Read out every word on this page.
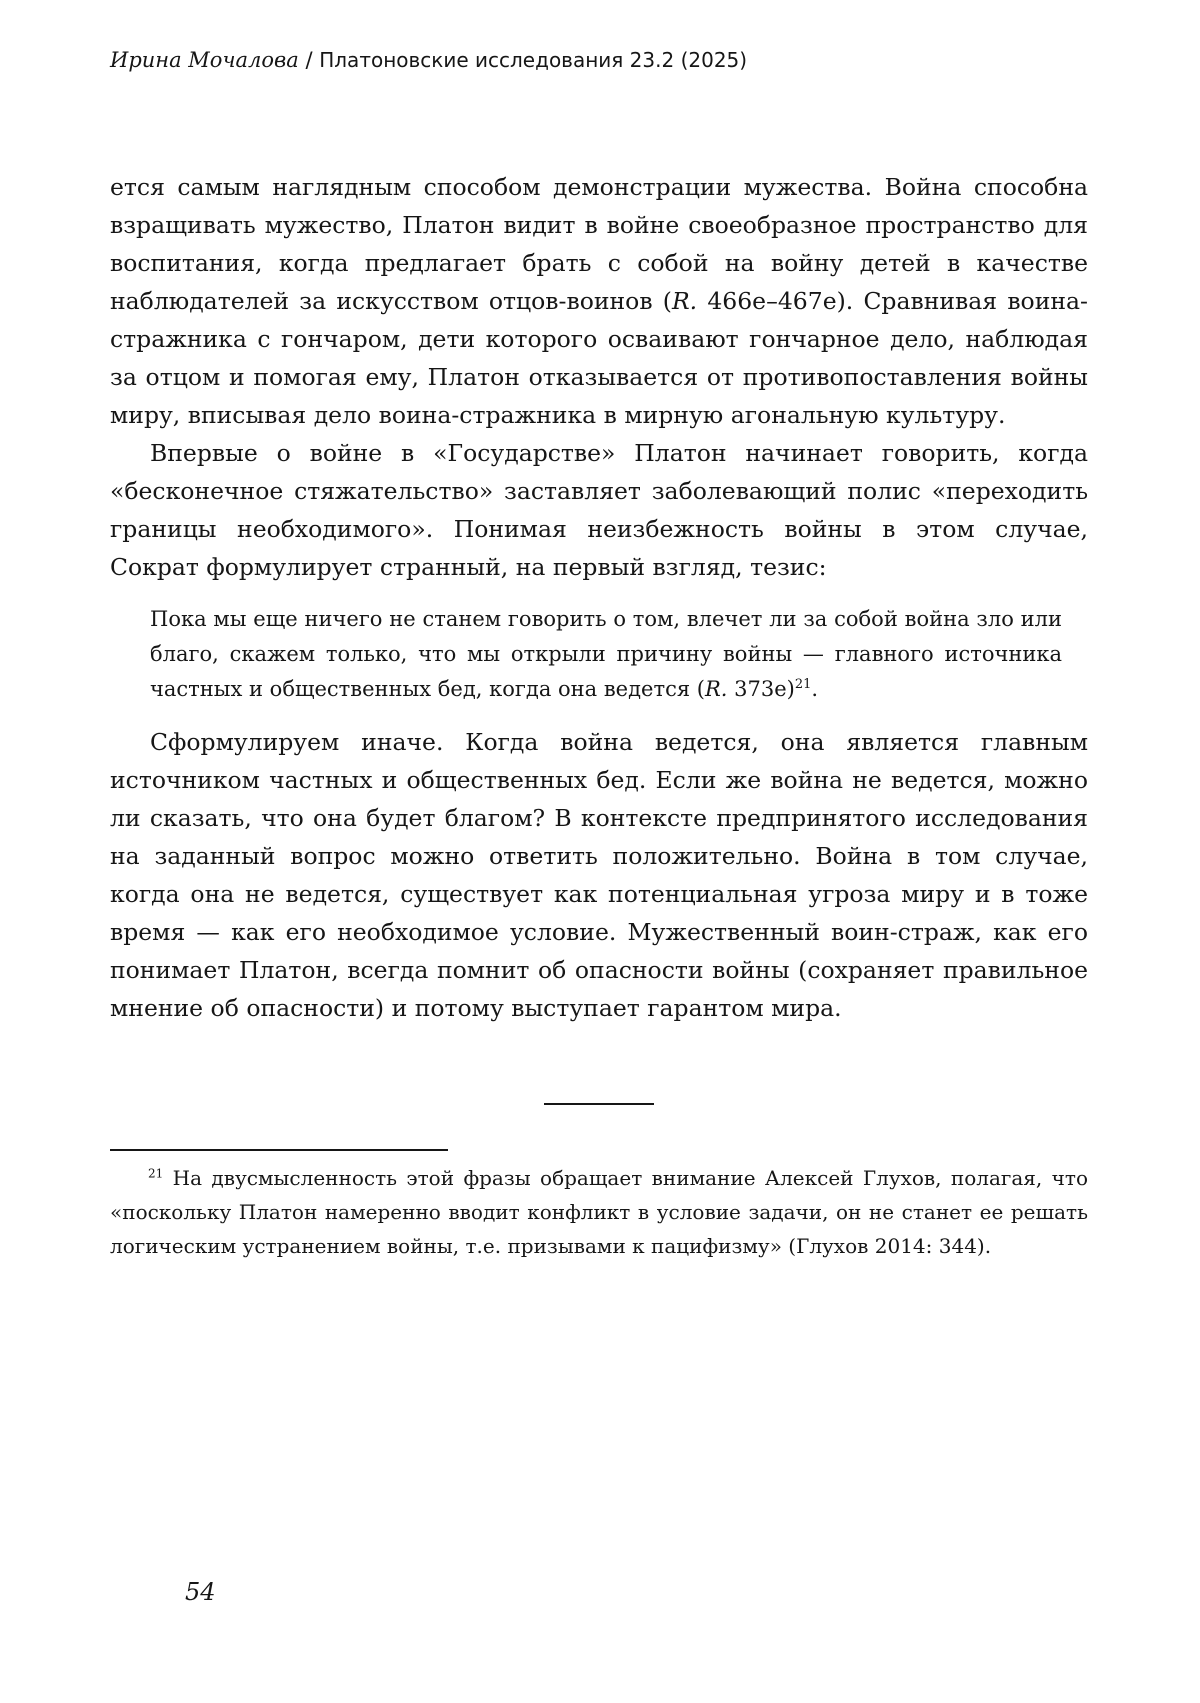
Ирина Мочалова / Платоновские исследования 23.2 (2025)

ется самым наглядным способом демонстрации мужества. Война способна взращивать мужество, Платон видит в войне своеобразное пространство для воспитания, когда предлагает брать с собой на войну детей в качестве наблюдателей за искусством отцов-воинов (R. 466e–467e). Сравнивая воина-стражника с гончаром, дети которого осваивают гончарное дело, наблюдая за отцом и помогая ему, Платон отказывается от противопоставления войны миру, вписывая дело воина-стражника в мирную агональную культуру.

Впервые о войне в «Государстве» Платон начинает говорить, когда «бесконечное стяжательство» заставляет заболевающий полис «переходить границы необходимого». Понимая неизбежность войны в этом случае, Сократ формулирует странный, на первый взгляд, тезис:

Пока мы еще ничего не станем говорить о том, влечет ли за собой война зло или благо, скажем только, что мы открыли причину войны — главного источника частных и общественных бед, когда она ведется (R. 373e)$^{21}$.

Сформулируем иначе. Когда война ведется, она является главным источником частных и общественных бед. Если же война не ведется, можно ли сказать, что она будет благом? В контексте предпринятого исследования на заданный вопрос можно ответить положительно. Война в том случае, когда она не ведется, существует как потенциальная угроза миру и в тоже время — как его необходимое условие. Мужественный воин-страж, как его понимает Платон, всегда помнит об опасности войны (сохраняет правильное мнение об опасности) и потому выступает гарантом мира.

$^{21}$ На двусмысленность этой фразы обращает внимание Алексей Глухов, полагая, что «поскольку Платон намеренно вводит конфликт в условие задачи, он не станет ее решать логическим устранением войны, т.е. призывами к пацифизму» (Глухов 2014: 344).

54
